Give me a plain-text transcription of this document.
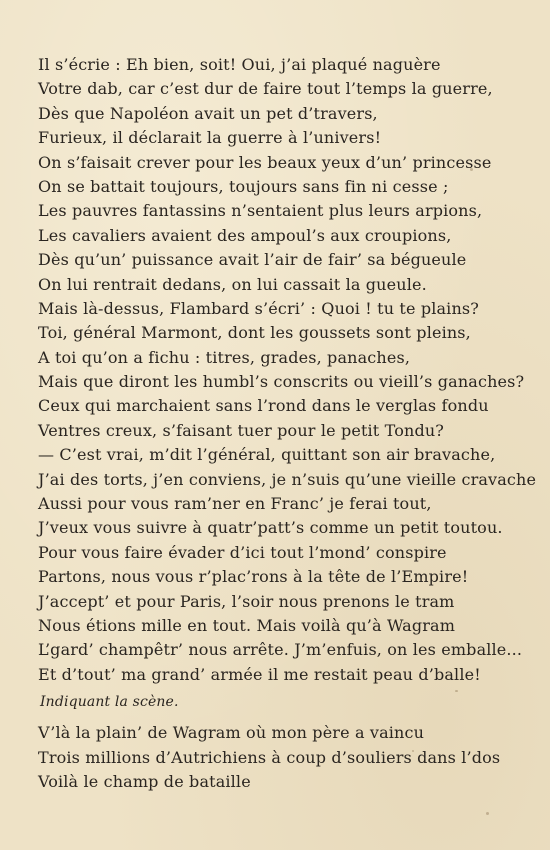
Il s’écrie : Eh bien, soit! Oui, j’ai plaqué naguère
Votre dab, car c’est dur de faire tout l’temps la guerre,
Dès que Napoléon avait un pet d’travers,
Furieux, il déclarait la guerre à l’univers!
On s’faisait crever pour les beaux yeux d’un’ princesse
On se battait toujours, toujours sans fin ni cesse ;
Les pauvres fantassins n’sentaient plus leurs arpions,
Les cavaliers avaient des ampoul’s aux croupions,
Dès qu’un’ puissance avait l’air de fair’ sa bégueule
On lui rentrait dedans, on lui cassait la gueule.
Mais là-dessus, Flambard s’écri’ : Quoi ! tu te plains?
Toi, général Marmont, dont les goussets sont pleins,
A toi qu’on a fichu : titres, grades, panaches,
Mais que diront les humbl’s conscrits ou vieill’s ganaches?
Ceux qui marchaient sans l’rond dans le verglas fondu
Ventres creux, s’faisant tuer pour le petit Tondu?
— C’est vrai, m’dit l’général, quittant son air bravache,
J’ai des torts, j’en conviens, je n’suis qu’une vieille cravache
Aussi pour vous ram’ner en Franc’ je ferai tout,
J’veux vous suivre à quatr’patt’s comme un petit toutou.
Pour vous faire évader d’ici tout l’mond’ conspire
Partons, nous vous r’plac’rons à la tête de l’Empire!
J’accept’ et pour Paris, l’soir nous prenons le tram
Nous étions mille en tout. Mais voilà qu’à Wagram
L’gard’ champêtr’ nous arrête. J’m’enfuis, on les emballe...
Et d’tout’ ma grand’ armée il me restait peau d’balle!
Indiquant la scène.
V’là la plain’ de Wagram où mon père a vaincu
Trois millions d’Autrichiens à coup d’souliers dans l’dos
Voilà le champ de bataille
